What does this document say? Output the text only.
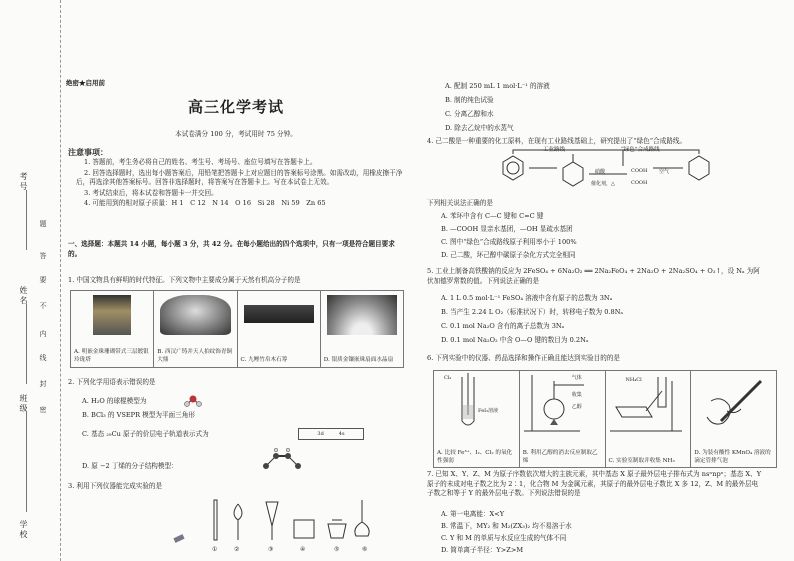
考号
姓名
班级
学校
题
答
要
不
内
线
封
密
绝密★启用前
高三化学考试
本试卷满分 100 分，考试用时 75 分钟。
注意事项：

1. 答题前，考生务必将自己的姓名、考生号、考场号、座位号填写在答题卡上。

2. 回答选择题时，选出每小题答案后，用铅笔把答题卡上对应题目的答案标号涂黑。如需改动，用橡皮擦干净后，再选涂其他答案标号。回答非选择题时，将答案写在答题卡上。写在本试卷上无效。

3. 考试结束后，将本试卷和答题卡一并交回。

4. 可能用到的相对原子质量：H 1　C 12　N 14　O 16　Si 28　Ni 59　Zn 65

一、选择题：本题共 14 小题，每小题 3 分，共 42 分。在每小题给出的四个选项中，只有一项是符合题目要求的。
1. 中国文物具有鲜明的时代特征。下列文物中主要成分属于天然有机高分子的是
A. 明嵌金珠珊瑚带式三层镀银玲珑塔
B. 西汉广铸并天人拍纹饰青铜大鼎	C. 九鲤竹帛木石筹	D. 银质金镶嵌珠扇面水晶扇
2. 下列化学用语表示错误的是
A. H₂O 的球棍模型为
B. BCl₃ 的 VSEPR 模型为平面三角形
C. 基态 ₂₉Cu 原子的价层电子轨道表示式为	3d　　　4s
D. 原 −2 丁烯的分子结构模型：
3. 利用下列仪器能完成实验的是
①	②	③	④	⑤	⑥
A. 配制 250 mL 1 mol·L⁻¹ 的溶液
B. 制的纯色试验
C. 分离乙醇和水
D. 除去乙烷中的水蒸气
4. 己二酸是一种重要的化工原料，在现有工业路线基础上，研究提出了“绿色”合成路线。
工业路线	“绿色”合成路线
硝酸	空气
催化剂，△
COOH
COOH
下列相关说法正确的是
A. 苯环中含有 C—C 键和 C=C 键
B. —COOH 显亲水基团，—OH 显疏水基团
C. 图中“绿色”合成路线原子利用率小于 100%
D. 己二酸，环己醇中碳原子杂化方式完全相同
5. 工业上制备高铁酸钠的反应为 2FeSO₄ + 6Na₂O₂ ══ 2Na₂FeO₄ + 2Na₂O + 2Na₂SO₄ + O₂↑，设 Nₐ 为阿伏加德罗常数的值。下列说法正确的是
A. 1 L 0.5 mol·L⁻¹ FeSO₄ 溶液中含有原子的总数为 3Nₐ
B. 当产生 2.24 L O₂（标准状况下）时，转移电子数为 0.8Nₐ
C. 0.1 mol Na₂O 含有的离子总数为 3Nₐ
D. 0.1 mol Na₂O₂ 中含 O—O 键的数目为 0.2Nₐ
6. 下列实验中的仪器、药品选择和操作正确且能达到实验目的的是
Cl₂
FeI₂溶液
A. 比较 Fe³⁺、I₂、Cl₂ 的氧化性强弱
气体
收集
乙醇
B. 利用乙醇的消去反应制取乙烯
NH₄Cl
C. 实验室制取并收集 NH₃
D. 为装有酸性 KMnO₄ 溶液的滴定管排气泡
7. 已知 X、Y、Z、M 为原子序数依次增大的主族元素，其中基态 X 原子最外层电子排布式为 nsⁿnpⁿ；基态 X、Y 原子的未成对电子数之比为 2∶1，化合物 M 为金属元素，其原子的最外层电子数比 X 多 12，Z、M 的最外层电子数之和等于 Y 的最外层电子数。下列说法错误的是
A. 第一电离能：X<Y
B. 常温下，MY₂ 和 M₂(ZX₃)₂ 均不易溶于水
C. Y 和 M 的单质与水反应生成的气体不同
D. 简单离子半径：Y>Z>M
